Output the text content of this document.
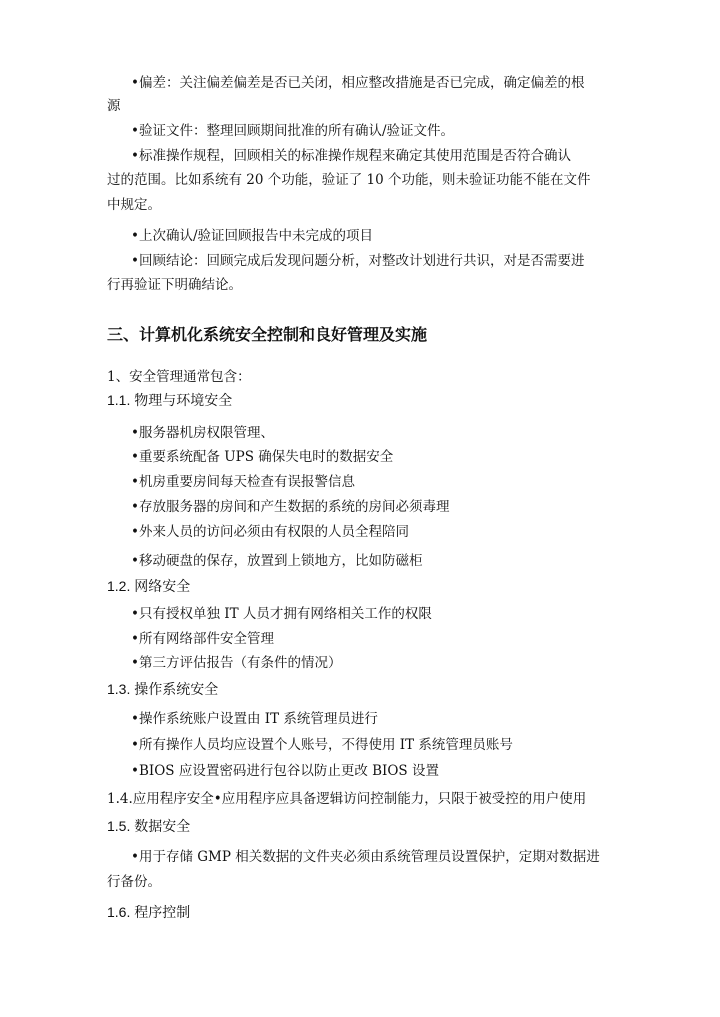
•偏差：关注偏差偏差是否已关闭，相应整改措施是否已完成，确定偏差的根
源
•验证文件：整理回顾期间批准的所有确认/验证文件。
•标准操作规程，回顾相关的标准操作规程来确定其使用范围是否符合确认
过的范围。比如系统有 20 个功能，验证了 10 个功能，则未验证功能不能在文件
中规定。
•上次确认/验证回顾报告中未完成的项目
•回顾结论：回顾完成后发现问题分析，对整改计划进行共识，对是否需要进
行再验证下明确结论。
三、计算机化系统安全控制和良好管理及实施
1、安全管理通常包含：
1.1. 物理与环境安全
•服务器机房权限管理、
•重要系统配备 UPS 确保失电时的数据安全
•机房重要房间每天检查有误报警信息
•存放服务器的房间和产生数据的系统的房间必须毒理
•外来人员的访问必须由有权限的人员全程陪同
•移动硬盘的保存，放置到上锁地方，比如防磁柜
1.2. 网络安全
•只有授权单独 IT 人员才拥有网络相关工作的权限
•所有网络部件安全管理
•第三方评估报告（有条件的情况）
1.3. 操作系统安全
•操作系统账户设置由 IT 系统管理员进行
•所有操作人员均应设置个人账号，不得使用 IT 系统管理员账号
•BIOS 应设置密码进行包谷以防止更改 BIOS 设置
1.4.应用程序安全•应用程序应具备逻辑访问控制能力，只限于被受控的用户使用
1.5. 数据安全
•用于存储 GMP 相关数据的文件夹必须由系统管理员设置保护，定期对数据进
行备份。
1.6. 程序控制
